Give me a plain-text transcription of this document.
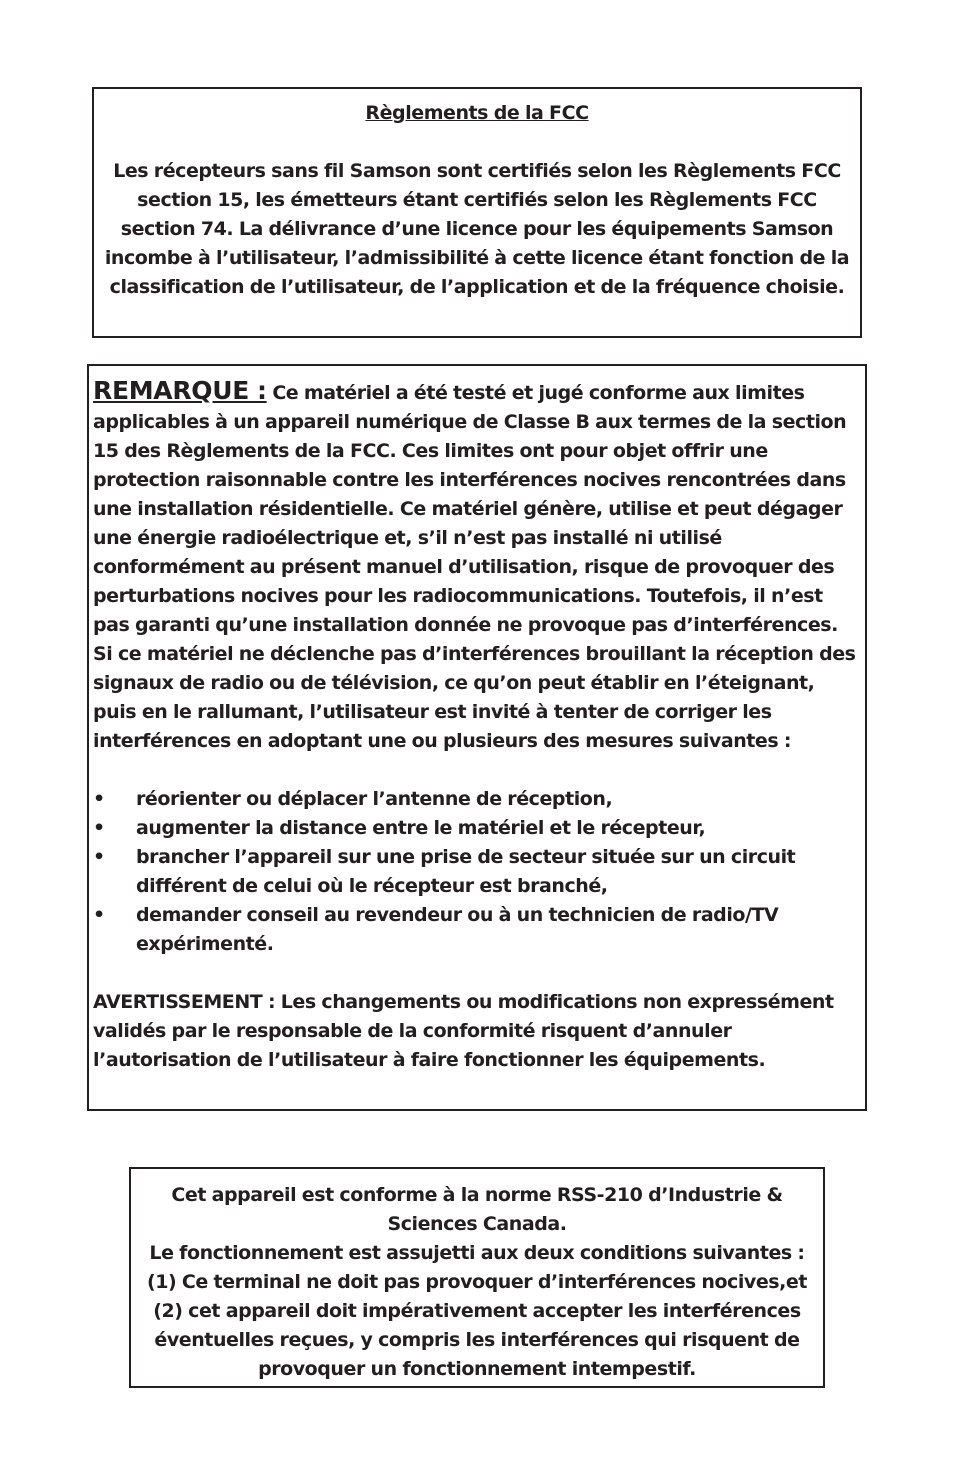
Règlements de la FCC

Les récepteurs sans fil Samson sont certifiés selon les Règlements FCC section 15, les émetteurs étant certifiés selon les Règlements FCC section 74. La délivrance d’une licence pour les équipements Samson incombe à l’utilisateur, l’admissibilité à cette licence étant fonction de la classification de l’utilisateur, de l’application et de la fréquence choisie.

REMARQUE : Ce matériel a été testé et jugé conforme aux limites applicables à un appareil numérique de Classe B aux termes de la section 15 des Règlements de la FCC. Ces limites ont pour objet offrir une protection raisonnable contre les interférences nocives rencontrées dans une installation résidentielle. Ce matériel génère, utilise et peut dégager une énergie radioélectrique et, s’il n’est pas installé ni utilisé conformément au présent manuel d’utilisation, risque de provoquer des perturbations nocives pour les radiocommunications. Toutefois, il n’est pas garanti qu’une installation donnée ne provoque pas d’interférences. Si ce matériel ne déclenche pas d’interférences brouillant la réception des signaux de radio ou de télévision, ce qu’on peut établir en l’éteignant, puis en le rallumant, l’utilisateur est invité à tenter de corriger les interférences en adoptant une ou plusieurs des mesures suivantes :

• réorienter ou déplacer l’antenne de réception,
• augmenter la distance entre le matériel et le récepteur,
• brancher l’appareil sur une prise de secteur située sur un circuit différent de celui où le récepteur est branché,
• demander conseil au revendeur ou à un technicien de radio/TV expérimenté.

AVERTISSEMENT : Les changements ou modifications non expressément validés par le responsable de la conformité risquent d’annuler l’autorisation de l’utilisateur à faire fonctionner les équipements.

Cet appareil est conforme à la norme RSS-210 d’Industrie & Sciences Canada.

Le fonctionnement est assujetti aux deux conditions suivantes : (1) Ce terminal ne doit pas provoquer d’interférences nocives,et (2) cet appareil doit impérativement accepter les interférences éventuelles reçues, y compris les interférences qui risquent de provoquer un fonctionnement intempestif.
